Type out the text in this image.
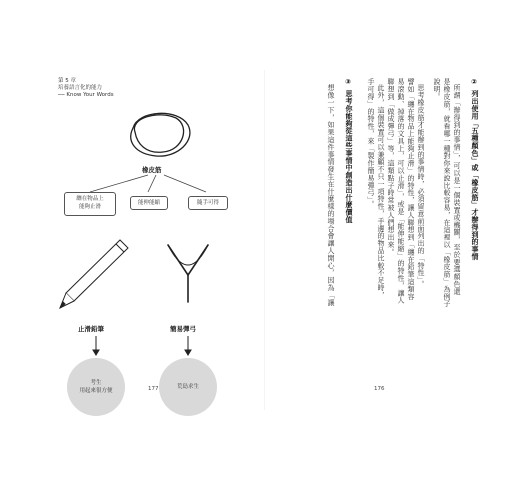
第 5 章
培養語言化的能力
── Know Your Words
橡皮筋
纏在物品上
能夠止滑
能伸能縮	隨手可得
止滑鉛筆	簡易彈弓
考生
用起來很方便
荒島求生
177
②
列出使用「五種顏色」或「橡皮筋」才辦得到的事情
所謂「辦得到的事情」，可以是一個裝置或機關，至於要選顏色還
是橡皮筋，就看哪一種對你來說比較容易，在這裡以「橡皮筋」為例子
說明。
思考橡皮筋才能辦到的事情時，必須留意前面列出的「特性」。
譬如「纏在物品上能夠止滑」的特性，讓人聯想到「纏在鉛筆這類容
易滾動、掉落的文具上，可以止滑」，或是「能伸能縮」的特性，讓人
聯想到「做成彈弓」等，這類點子時常被人們想出來。
此外，這個裝置可以兼顧不只一項特性，手邊的物品比較不足時，
手可得」的特性，來「製作簡易彈弓」。
③
思考你能夠從這些事情中創造出什麼價值
想像一下，如果這件事情發生在什麼樣的場合會讓人開心，因為「讓
176
